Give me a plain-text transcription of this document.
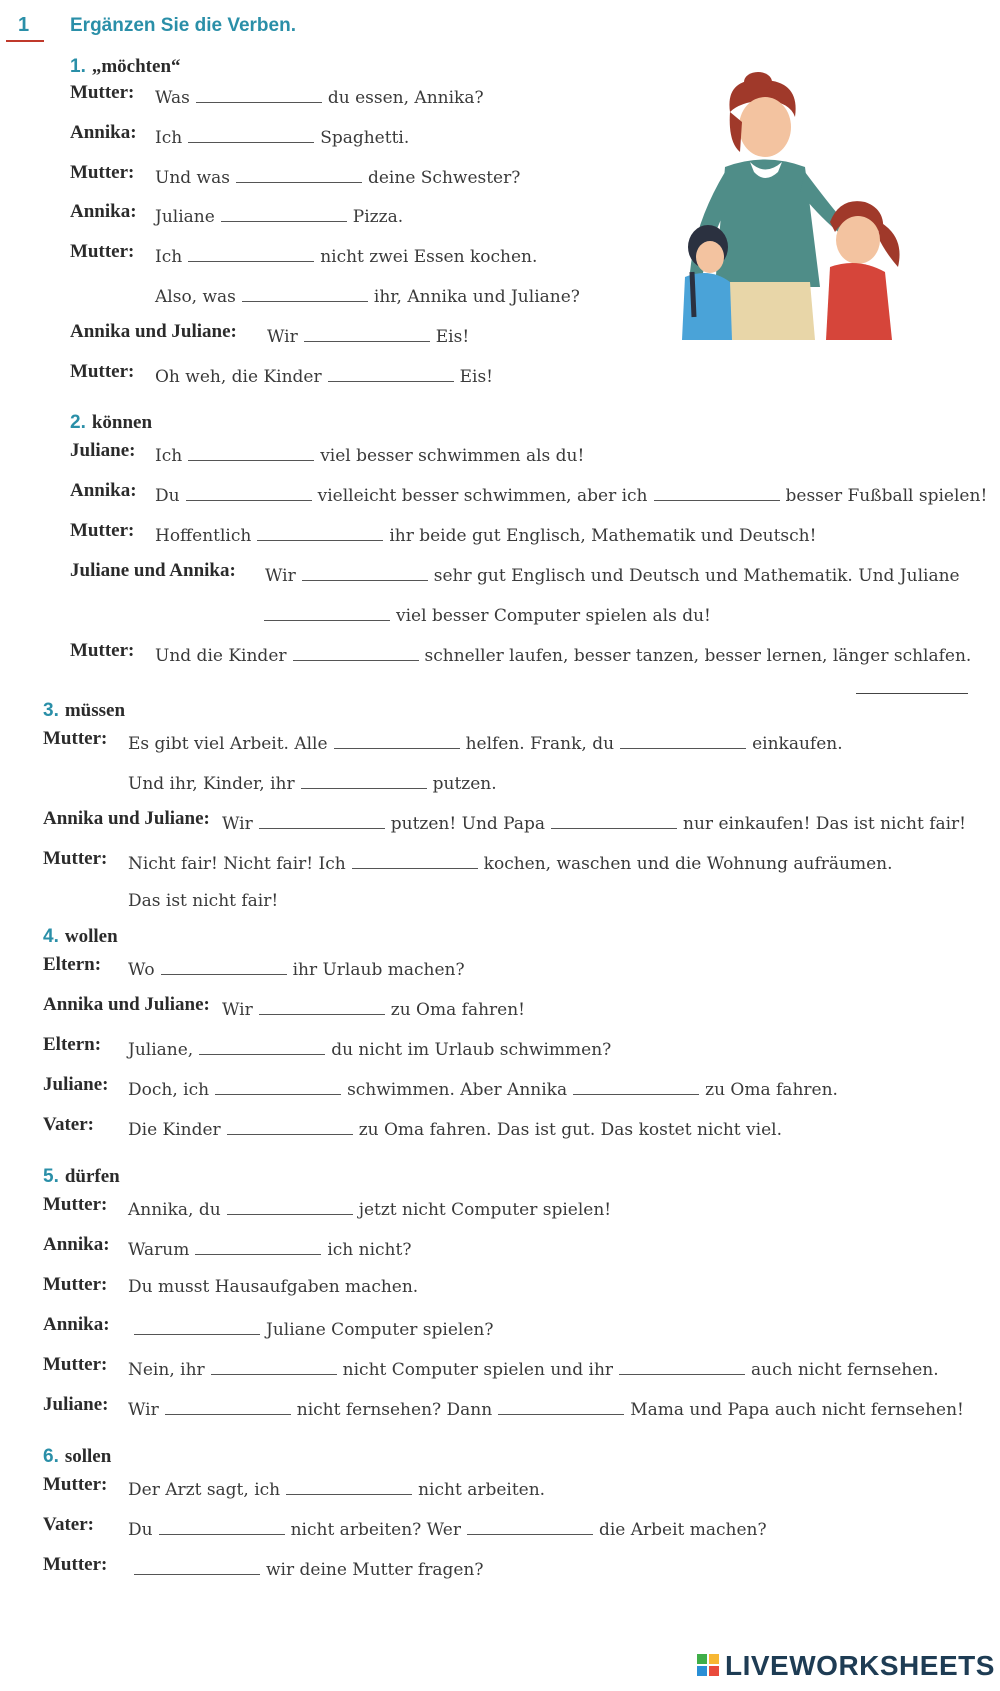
1 Ergänzen Sie die Verben.
1. „möchten“
Mutter: Was	du essen, Annika?
Annika: Ich	Spaghetti.
Mutter: Und was	deine Schwester?
Annika: Juliane	Pizza.
Mutter: Ich	nicht zwei Essen kochen.
Also, was	ihr, Annika und Juliane?
Annika und Juliane: Wir	Eis!
Mutter: Oh weh, die Kinder	Eis!
2. können
Juliane: Ich	viel besser schwimmen als du!
Annika: Du	vielleicht besser schwimmen, aber ich	besser Fußball spielen!
Mutter: Hoffentlich	ihr beide gut Englisch, Mathematik und Deutsch!
Juliane und Annika: Wir	sehr gut Englisch und Deutsch und Mathematik. Und Juliane
viel besser Computer spielen als du!
Mutter: Und die Kinder	schneller laufen, besser tanzen, besser lernen, länger schlafen.
3. müssen
Mutter: Es gibt viel Arbeit. Alle	helfen. Frank, du	einkaufen.
Und ihr, Kinder, ihr	putzen.
Annika und Juliane: Wir	putzen! Und Papa	nur einkaufen! Das ist nicht fair!
Mutter: Nicht fair! Nicht fair! Ich	kochen, waschen und die Wohnung aufräumen.
Das ist nicht fair!
4. wollen
Eltern: Wo	ihr Urlaub machen?
Annika und Juliane: Wir	zu Oma fahren!
Eltern: Juliane,	du nicht im Urlaub schwimmen?
Juliane: Doch, ich	schwimmen. Aber Annika	zu Oma fahren.
Vater: Die Kinder	zu Oma fahren. Das ist gut. Das kostet nicht viel.
5. dürfen
Mutter: Annika, du	jetzt nicht Computer spielen!
Annika: Warum	ich nicht?
Mutter: Du musst Hausaufgaben machen.
Annika:	Juliane Computer spielen?
Mutter: Nein, ihr	nicht Computer spielen und ihr	auch nicht fernsehen.
Juliane: Wir	nicht fernsehen? Dann	Mama und Papa auch nicht fernsehen!
6. sollen
Mutter: Der Arzt sagt, ich	nicht arbeiten.
Vater: Du	nicht arbeiten? Wer	die Arbeit machen?
Mutter:	wir deine Mutter fragen?
LIVEWORKSHEETS
